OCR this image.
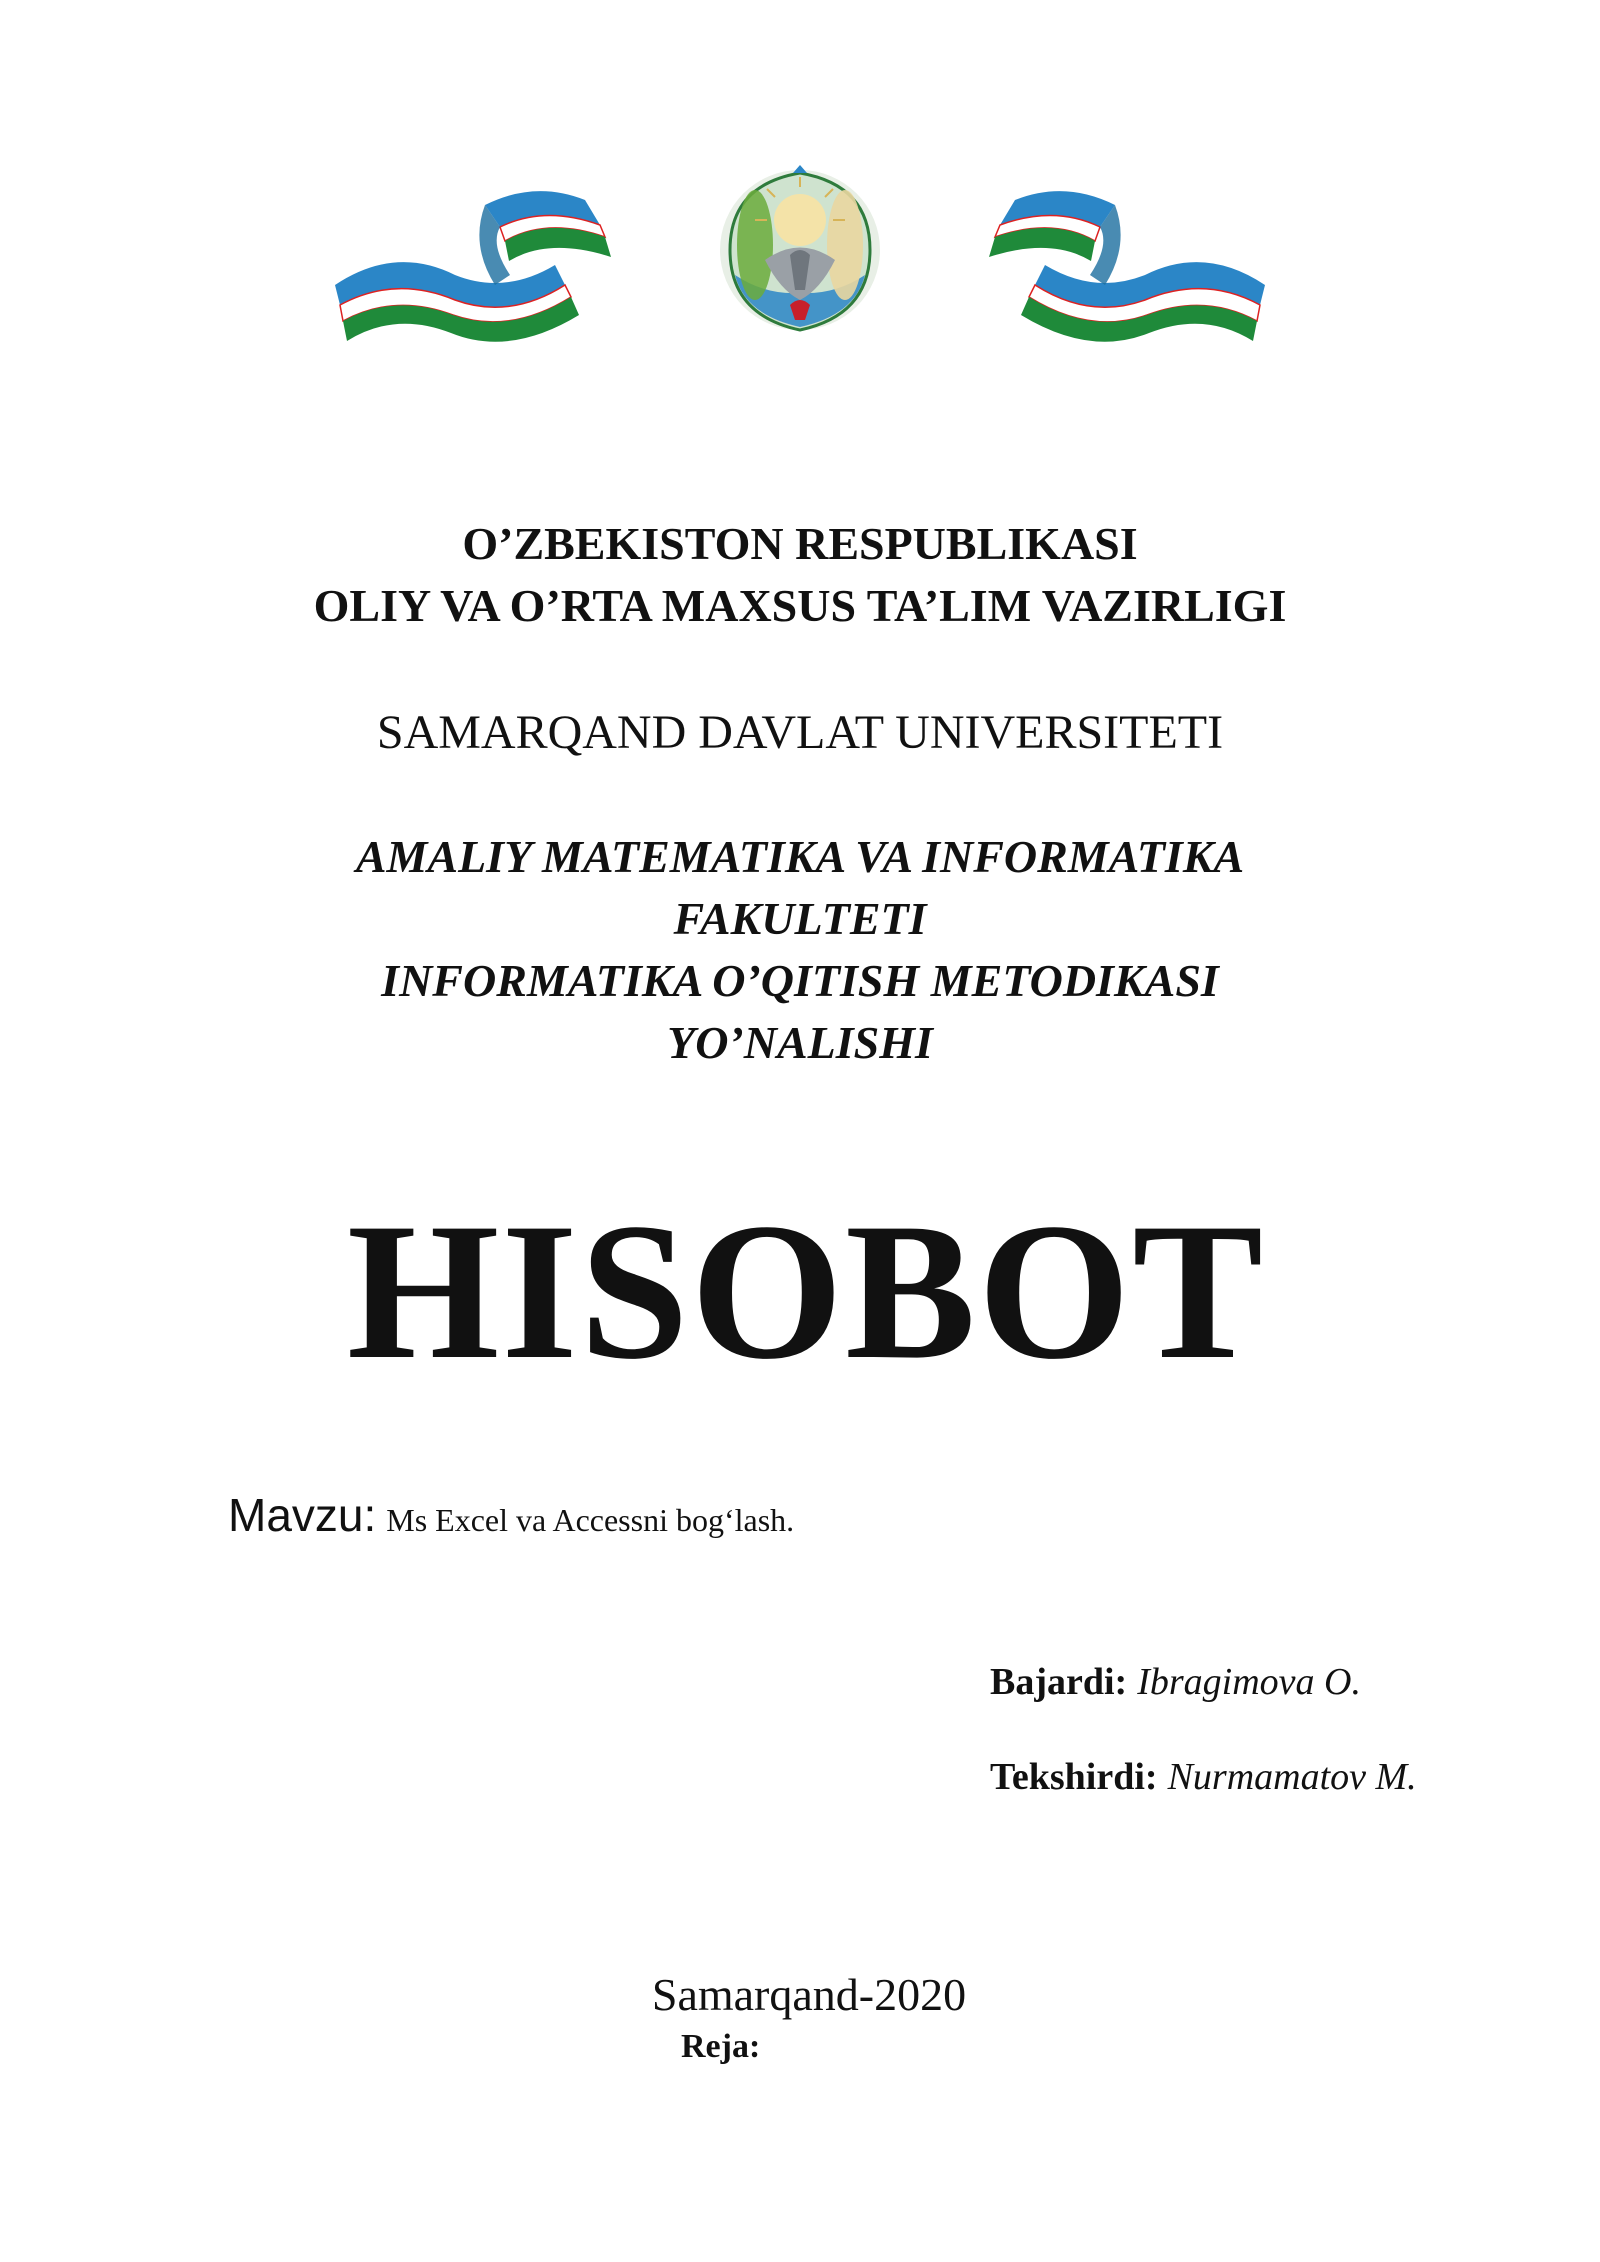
O’ZBEKISTON RESPUBLIKASI
OLIY VA O’RTA MAXSUS TA’LIM VAZIRLIGI

SAMARQAND DAVLAT UNIVERSITETI

AMALIY MATEMATIKA VA INFORMATIKA

FAKULTETI

INFORMATIKA O’QITISH METODIKASI

YO’NALISHI

HISOBOT
Mavzu: Ms Excel va Accessni bog‘lash.
Bajardi: Ibragimova O.
Tekshirdi: Nurmamatov M.
Samarqand-2020
Reja:
